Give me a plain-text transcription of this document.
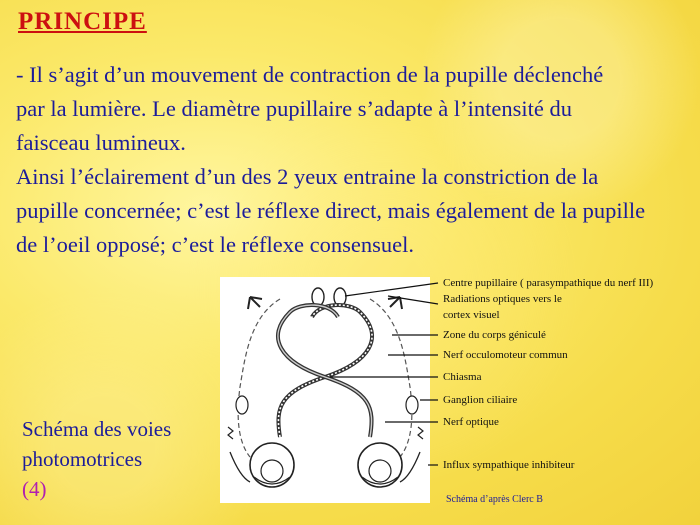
PRINCIPE
- Il s’agit d’un mouvement de contraction de la pupille déclenché
par la lumière. Le diamètre pupillaire s’adapte à l’intensité du
faisceau lumineux.
Ainsi l’éclairement d’un des 2 yeux entraine la constriction de la
pupille concernée; c’est le réflexe direct, mais également de la pupille
de l’oeil opposé; c’est le réflexe consensuel.
Centre pupillaire ( parasympathique du nerf III)
Radiations optiques vers le
cortex visuel
Zone du corps géniculé
Nerf occulomoteur commun
Chiasma
Ganglion ciliaire
Nerf optique
Influx sympathique inhibiteur
Schéma des voies
photomotrices
(4)	Schéma d’après Clerc B
